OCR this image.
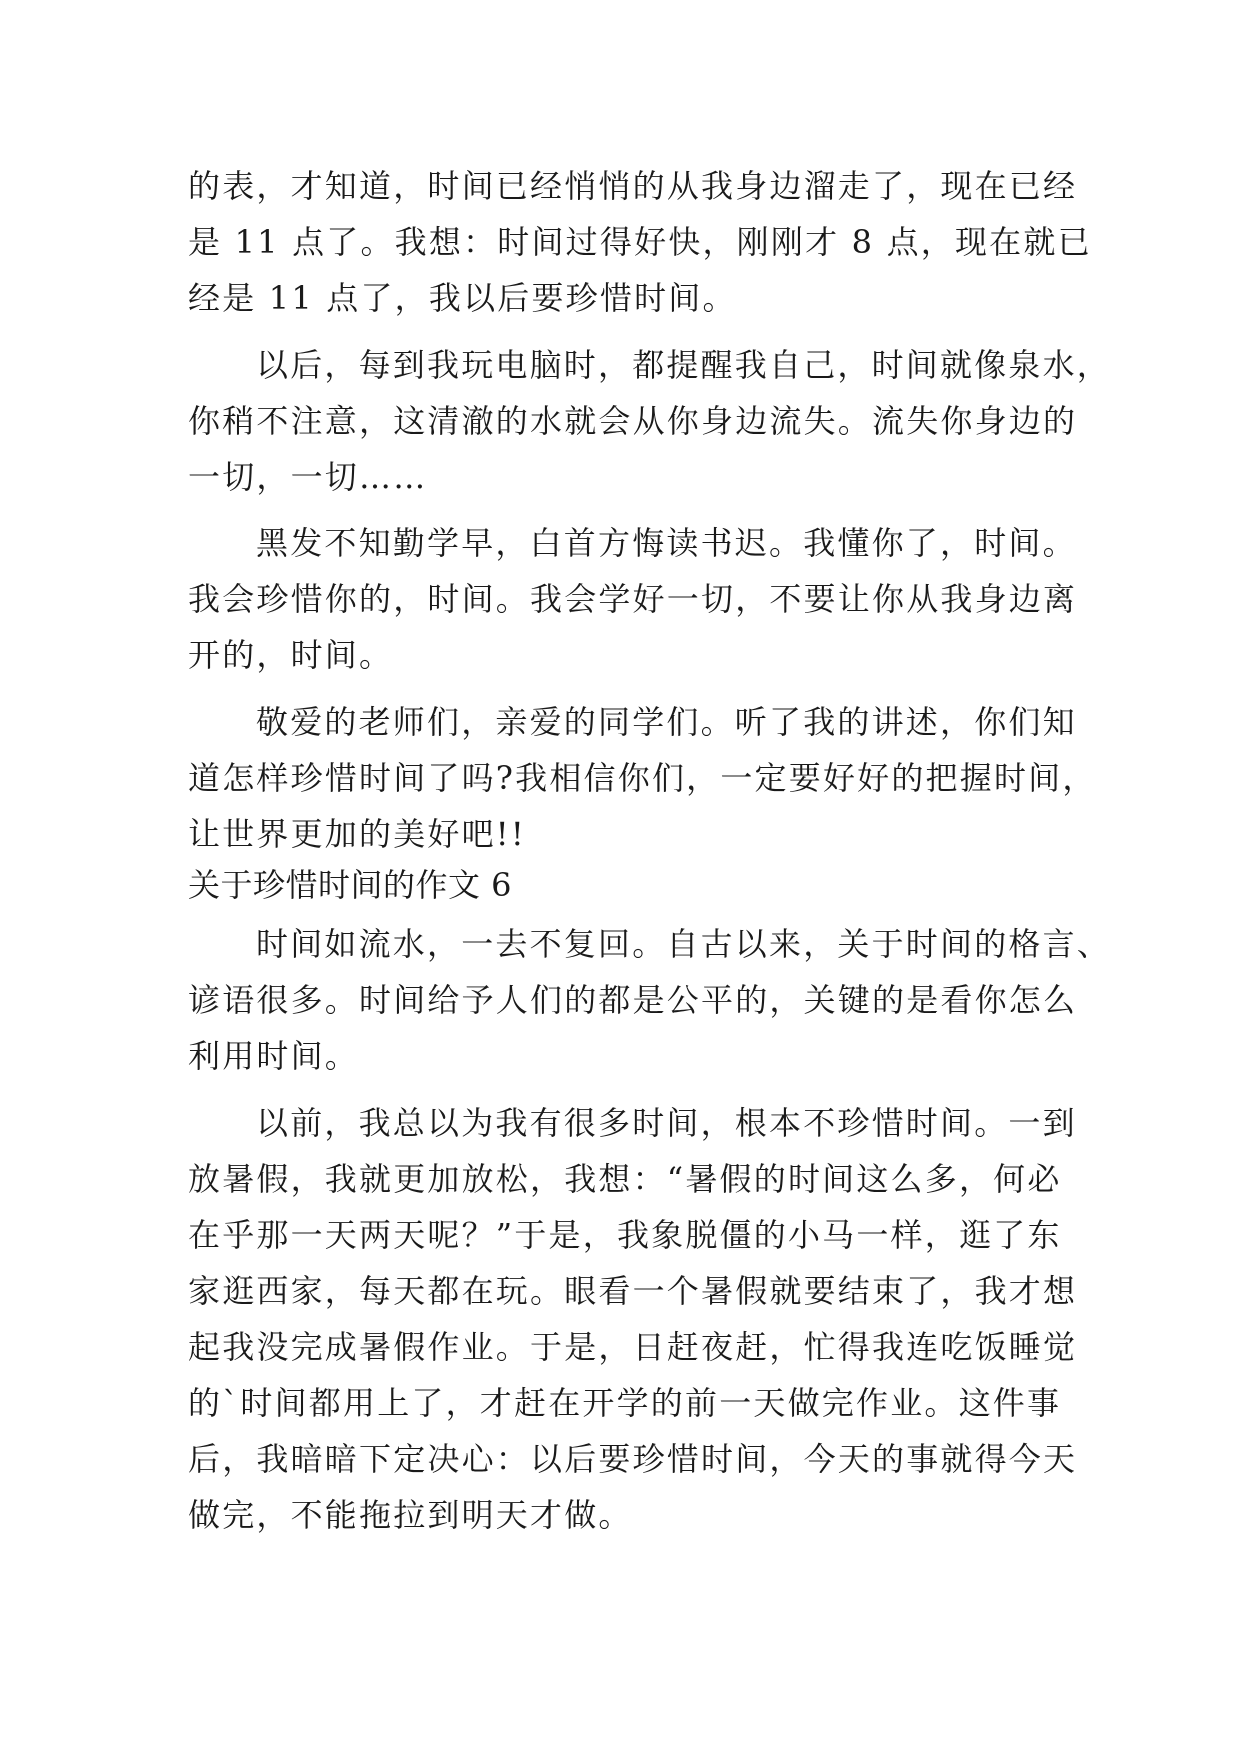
的表，才知道，时间已经悄悄的从我身边溜走了，现在已经
是 11 点了。我想：时间过得好快，刚刚才 8 点，现在就已
经是 11 点了，我以后要珍惜时间。
以后，每到我玩电脑时，都提醒我自己，时间就像泉水，
你稍不注意，这清澈的水就会从你身边流失。流失你身边的
一切，一切……
黑发不知勤学早，白首方悔读书迟。我懂你了，时间。
我会珍惜你的，时间。我会学好一切，不要让你从我身边离
开的，时间。
敬爱的老师们，亲爱的同学们。听了我的讲述，你们知
道怎样珍惜时间了吗?我相信你们，一定要好好的把握时间，
让世界更加的美好吧!!
关于珍惜时间的作文 6
时间如流水，一去不复回。自古以来，关于时间的格言、
谚语很多。时间给予人们的都是公平的，关键的是看你怎么
利用时间。
以前，我总以为我有很多时间，根本不珍惜时间。一到
放暑假，我就更加放松，我想：“暑假的时间这么多，何必
在乎那一天两天呢？”于是，我象脱僵的小马一样，逛了东
家逛西家，每天都在玩。眼看一个暑假就要结束了，我才想
起我没完成暑假作业。于是，日赶夜赶，忙得我连吃饭睡觉
的`时间都用上了，才赶在开学的前一天做完作业。这件事
后，我暗暗下定决心：以后要珍惜时间，今天的事就得今天
做完，不能拖拉到明天才做。
